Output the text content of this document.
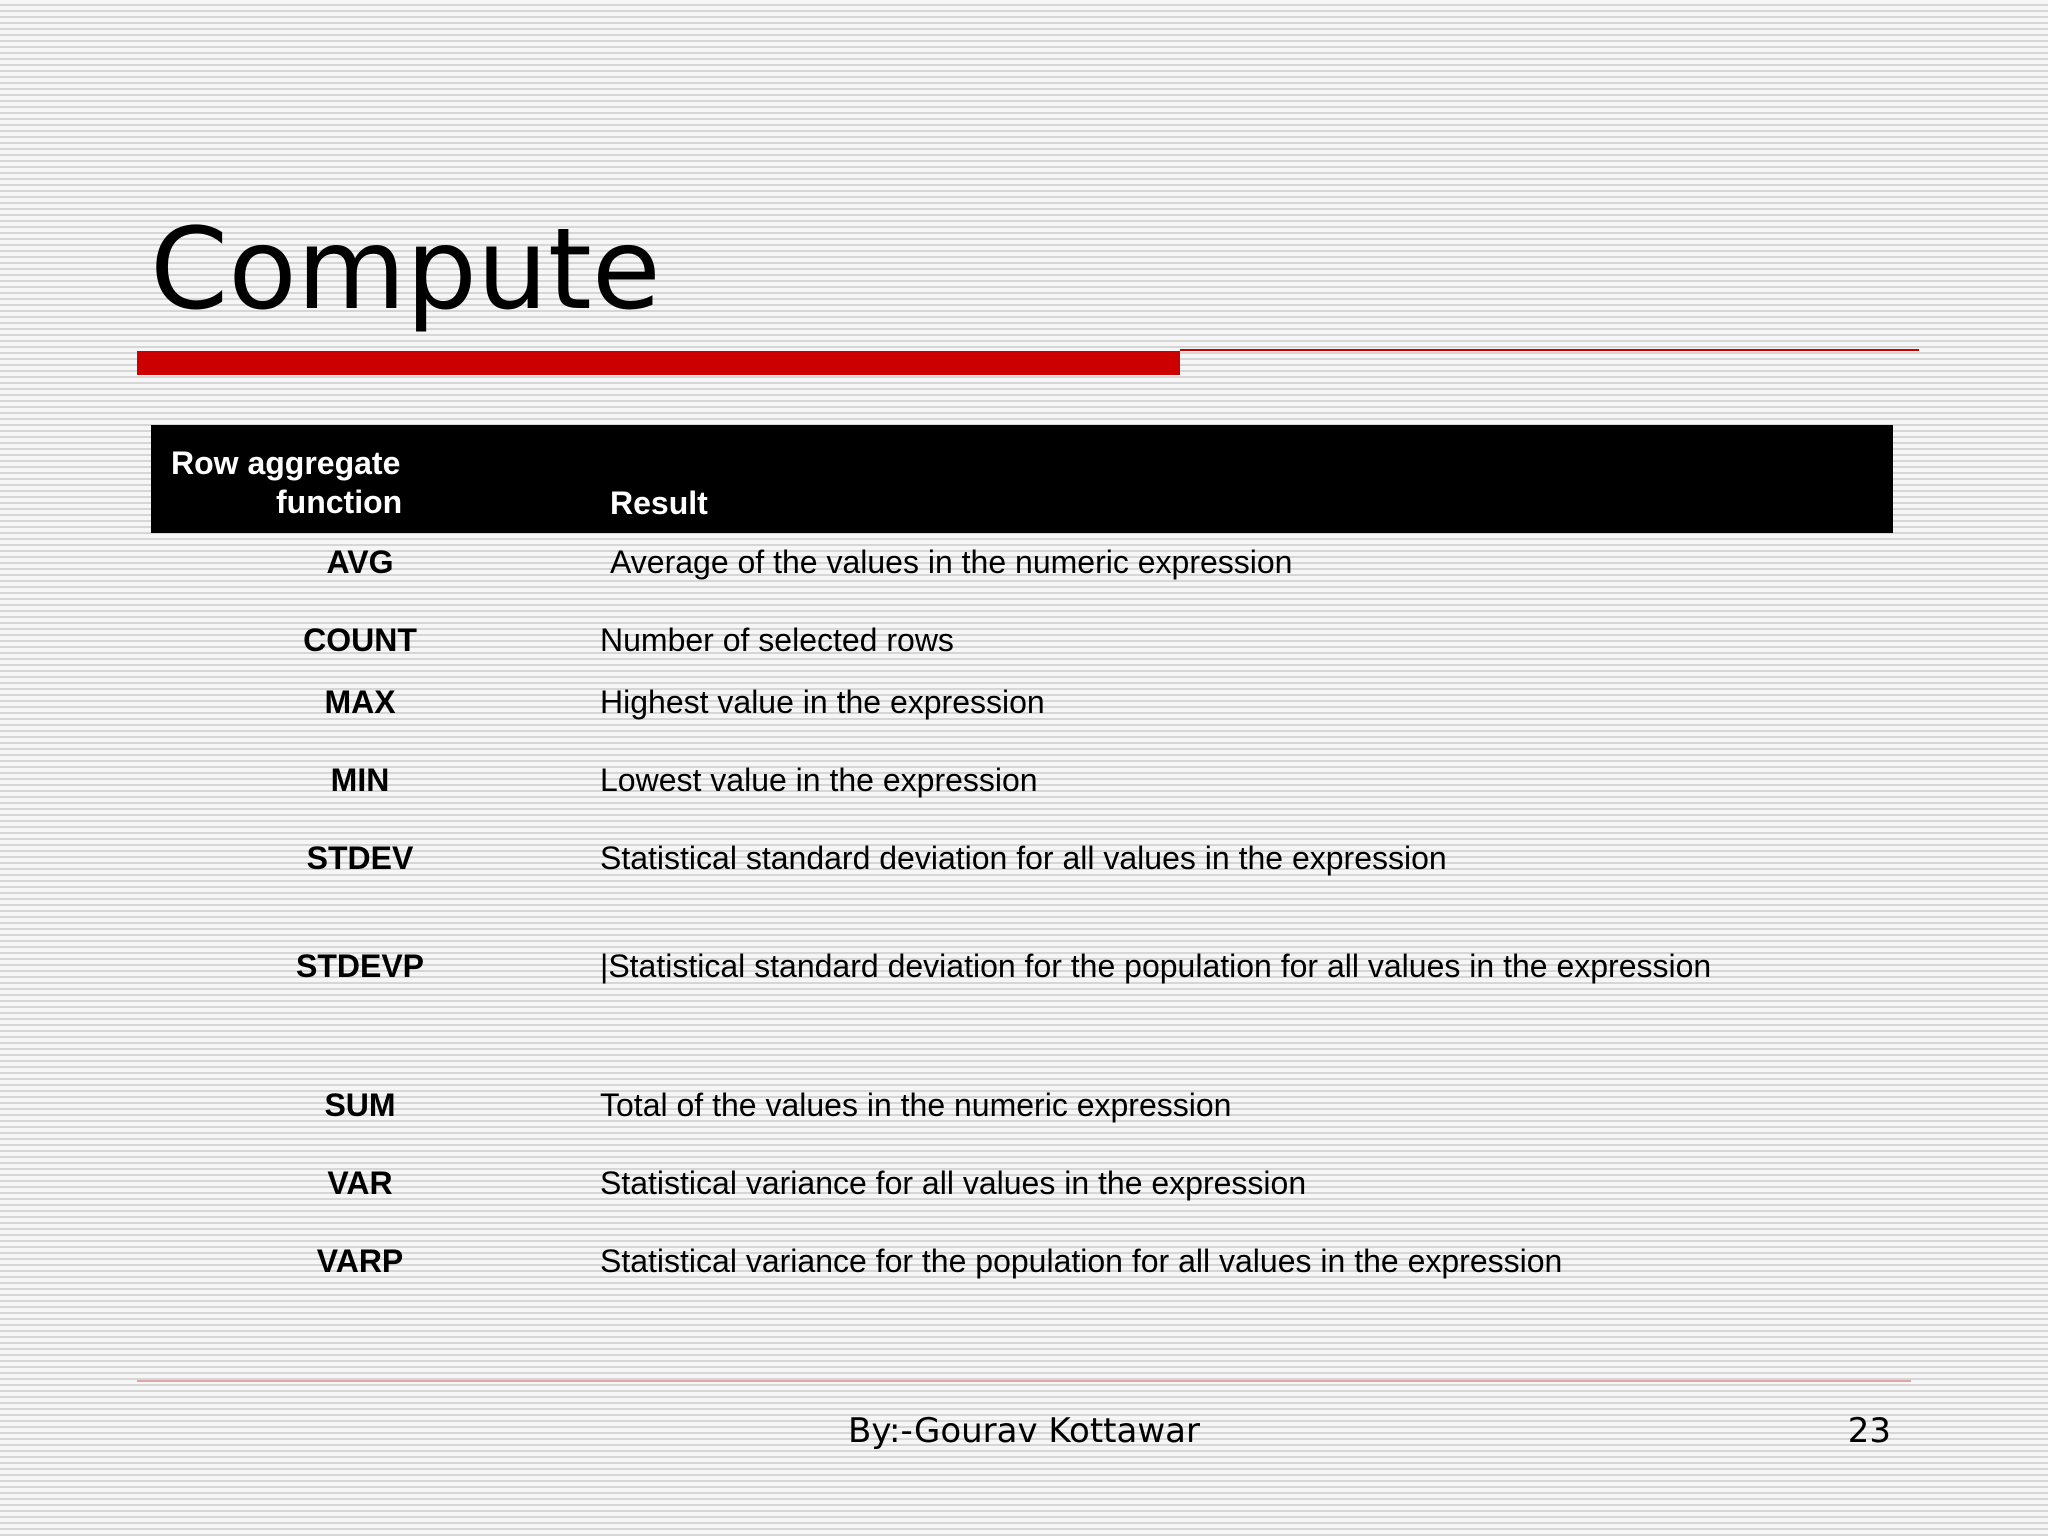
Compute
Row aggregate
function	Result
AVG	Average of the values in the numeric expression
COUNT	Number of selected rows
MAX	Highest value in the expression
MIN	Lowest value in the expression
STDEV	Statistical standard deviation for all values in the expression
STDEVP	|Statistical standard deviation for the population for all values in the expression
SUM	Total of the values in the numeric expression
VAR	Statistical variance for all values in the expression
VARP	Statistical variance for the population for all values in the expression
By:-Gourav Kottawar	23
